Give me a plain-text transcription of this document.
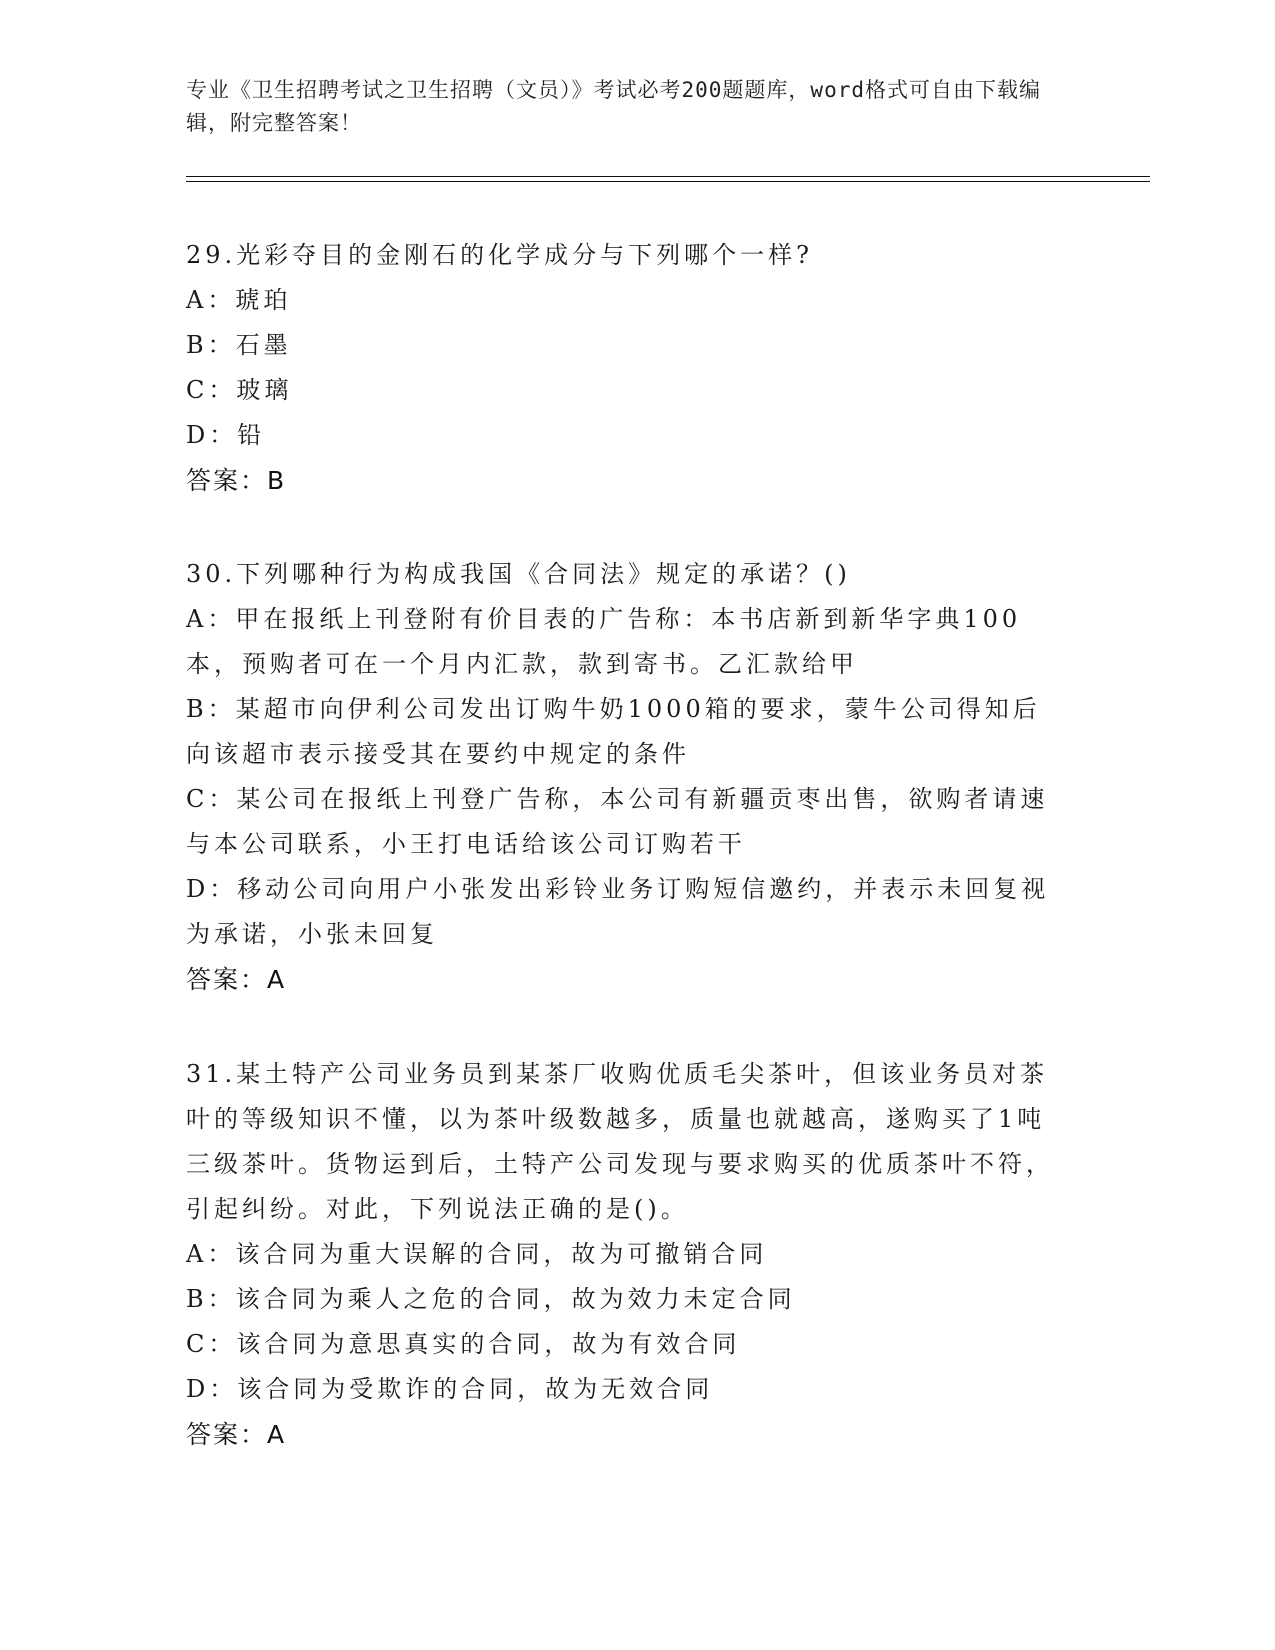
专业《卫生招聘考试之卫生招聘（文员）》考试必考200题题库，word格式可自由下载编辑，附完整答案！

29.光彩夺目的金刚石的化学成分与下列哪个一样?

A：琥珀

B：石墨

C：玻璃

D：铅

答案：B

30.下列哪种行为构成我国《合同法》规定的承诺？()

A：甲在报纸上刊登附有价目表的广告称：本书店新到新华字典100本，预购者可在一个月内汇款，款到寄书。乙汇款给甲

B：某超市向伊利公司发出订购牛奶1000箱的要求，蒙牛公司得知后向该超市表示接受其在要约中规定的条件

C：某公司在报纸上刊登广告称，本公司有新疆贡枣出售，欲购者请速与本公司联系，小王打电话给该公司订购若干

D：移动公司向用户小张发出彩铃业务订购短信邀约，并表示未回复视为承诺，小张未回复

答案：A

31.某土特产公司业务员到某茶厂收购优质毛尖茶叶，但该业务员对茶叶的等级知识不懂，以为茶叶级数越多，质量也就越高，遂购买了1吨三级茶叶。货物运到后，土特产公司发现与要求购买的优质茶叶不符，引起纠纷。对此，下列说法正确的是()。

A：该合同为重大误解的合同，故为可撤销合同

B：该合同为乘人之危的合同，故为效力未定合同

C：该合同为意思真实的合同，故为有效合同

D：该合同为受欺诈的合同，故为无效合同

答案：A
